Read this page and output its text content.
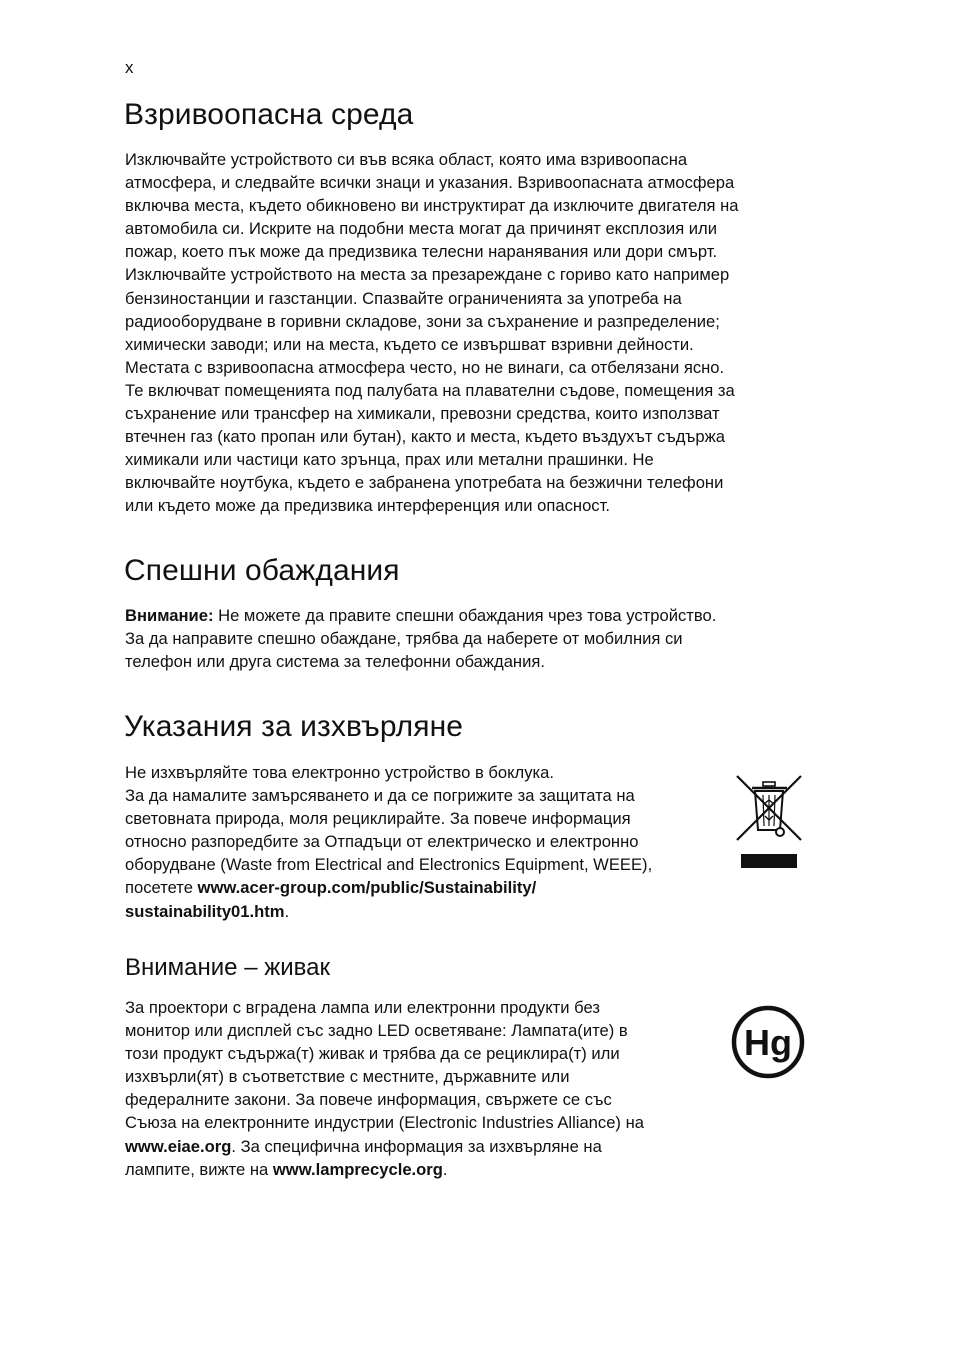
x
Взривоопасна среда
Изключвайте устройството си във всяка област, която има взривоопасна
атмосфера, и следвайте всички знаци и указания. Взривоопасната атмосфера
включва места, където обикновено ви инструктират да изключите двигателя на
автомобила си. Искрите на подобни места могат да причинят експлозия или
пожар, което пък може да предизвика телесни наранявания или дори смърт.
Изключвайте устройството на места за презареждане с гориво като например
бензиностанции и газстанции. Спазвайте ограниченията за употреба на
радиооборудване в горивни складове, зони за съхранение и разпределение;
химически заводи; или на места, където се извършват взривни дейности.
Местата с взривоопасна атмосфера често, но не винаги, са отбелязани ясно.
Те включват помещенията под палубата на плавателни съдове, помещения за
съхранение или трансфер на химикали, превозни средства, които използват
втечнен газ (като пропан или бутан), както и места, където въздухът съдържа
химикали или частици като зрънца, прах или метални прашинки. Не
включвайте ноутбука, където е забранена употребата на безжични телефони
или където може да предизвика интерференция или опасност.
Спешни обаждания
Внимание: Не можете да правите спешни обаждания чрез това устройство.
За да направите спешно обаждане, трябва да наберете от мобилния си
телефон или друга система за телефонни обаждания.
Указания за изхвърляне
Не изхвърляйте това електронно устройство в боклука.
За да намалите замърсяването и да се погрижите за защитата на
световната природа, моля рециклирайте. За повече информация
относно разпоредбите за Отпадъци от електрическо и електронно
оборудване (Waste from Electrical and Electronics Equipment, WEEE),
посетете www.acer-group.com/public/Sustainability/
sustainability01.htm.
Внимание – живак
За проектори с вградена лампа или електронни продукти без
монитор или дисплей със задно LED осветяване: Лампата(ите) в
този продукт съдържа(т) живак и трябва да се рециклира(т) или
изхвърли(ят) в съответствие с местните, държавните или
федералните закони. За повече информация, свържете се със
Съюза на електронните индустрии (Electronic Industries Alliance) на
www.eiae.org. За специфична информация за изхвърляне на
лампите, вижте на www.lamprecycle.org.
Hg
